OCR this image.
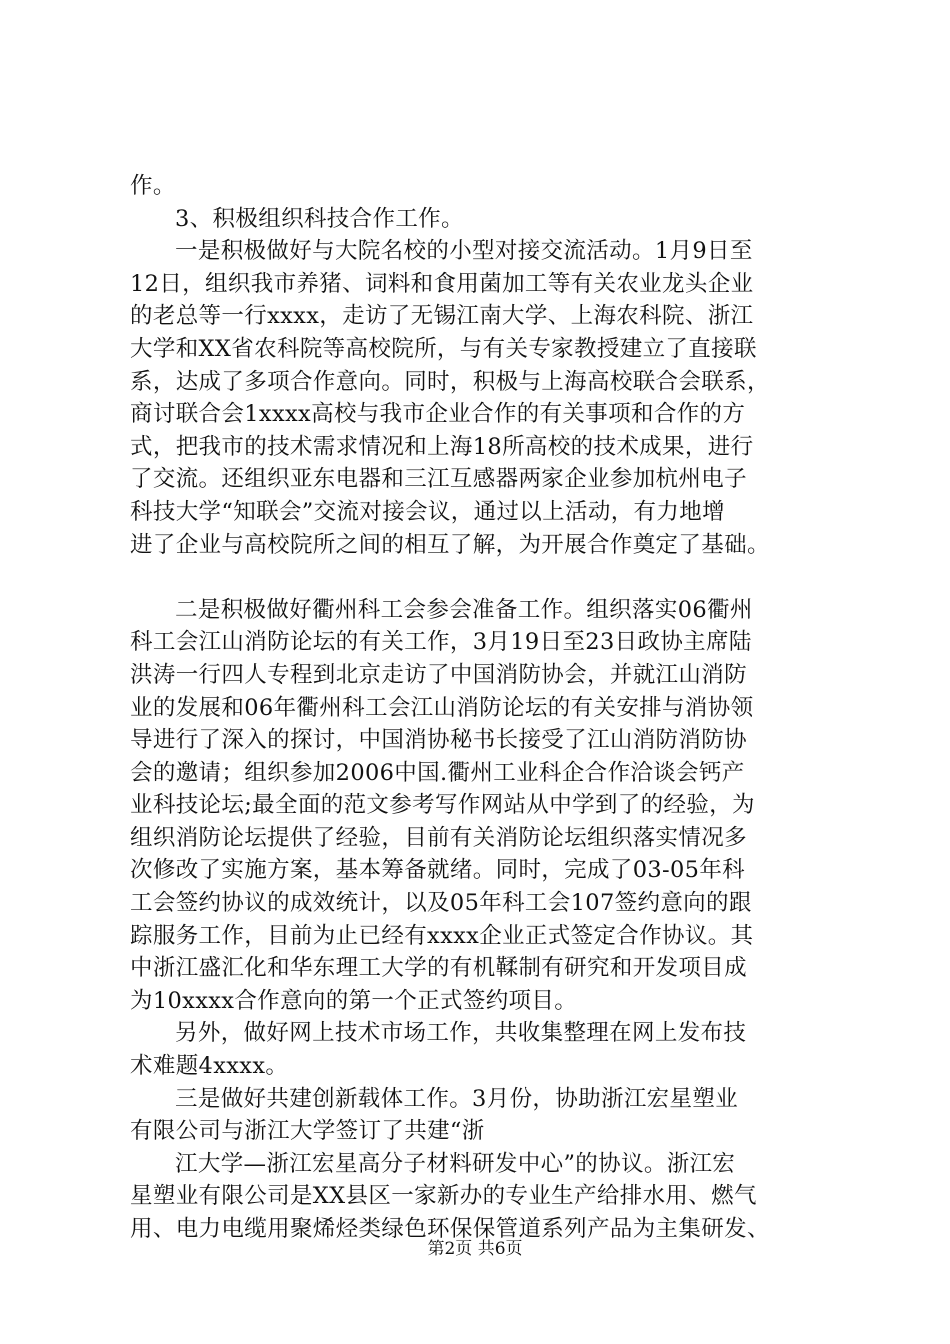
作。
3、积极组织科技合作工作。
一是积极做好与大院名校的小型对接交流活动。1月9日至
12日，组织我市养猪、词料和食用菌加工等有关农业龙头企业
的老总等一行xxxx，走访了无锡江南大学、上海农科院、浙江
大学和XX省农科院等高校院所，与有关专家教授建立了直接联
系，达成了多项合作意向。同时，积极与上海高校联合会联系，
商讨联合会1xxxx高校与我市企业合作的有关事项和合作的方
式，把我市的技术需求情况和上海18所高校的技术成果，进行
了交流。还组织亚东电器和三江互感器两家企业参加杭州电子
科技大学“知联会”交流对接会议，通过以上活动，有力地增
进了企业与高校院所之间的相互了解，为开展合作奠定了基础。
二是积极做好衢州科工会参会准备工作。组织落实06衢州
科工会江山消防论坛的有关工作，3月19日至23日政协主席陆
洪涛一行四人专程到北京走访了中国消防协会，并就江山消防
业的发展和06年衢州科工会江山消防论坛的有关安排与消协领
导进行了深入的探讨，中国消协秘书长接受了江山消防消防协
会的邀请；组织参加2006中国.衢州工业科企合作洽谈会钙产
业科技论坛;最全面的范文参考写作网站从中学到了的经验，为
组织消防论坛提供了经验，目前有关消防论坛组织落实情况多
次修改了实施方案，基本筹备就绪。同时，完成了03-05年科
工会签约协议的成效统计，以及05年科工会107签约意向的跟
踪服务工作，目前为止已经有xxxx企业正式签定合作协议。其
中浙江盛汇化和华东理工大学的有机鞣制有研究和开发项目成
为10xxxx合作意向的第一个正式签约项目。
另外，做好网上技术市场工作，共收集整理在网上发布技
术难题4xxxx。
三是做好共建创新载体工作。3月份，协助浙江宏星塑业
有限公司与浙江大学签订了共建“浙
江大学—浙江宏星高分子材料研发中心”的协议。浙江宏
星塑业有限公司是XX县区一家新办的专业生产给排水用、燃气
用、电力电缆用聚烯烃类绿色环保保管道系列产品为主集研发、
第2页 共6页
